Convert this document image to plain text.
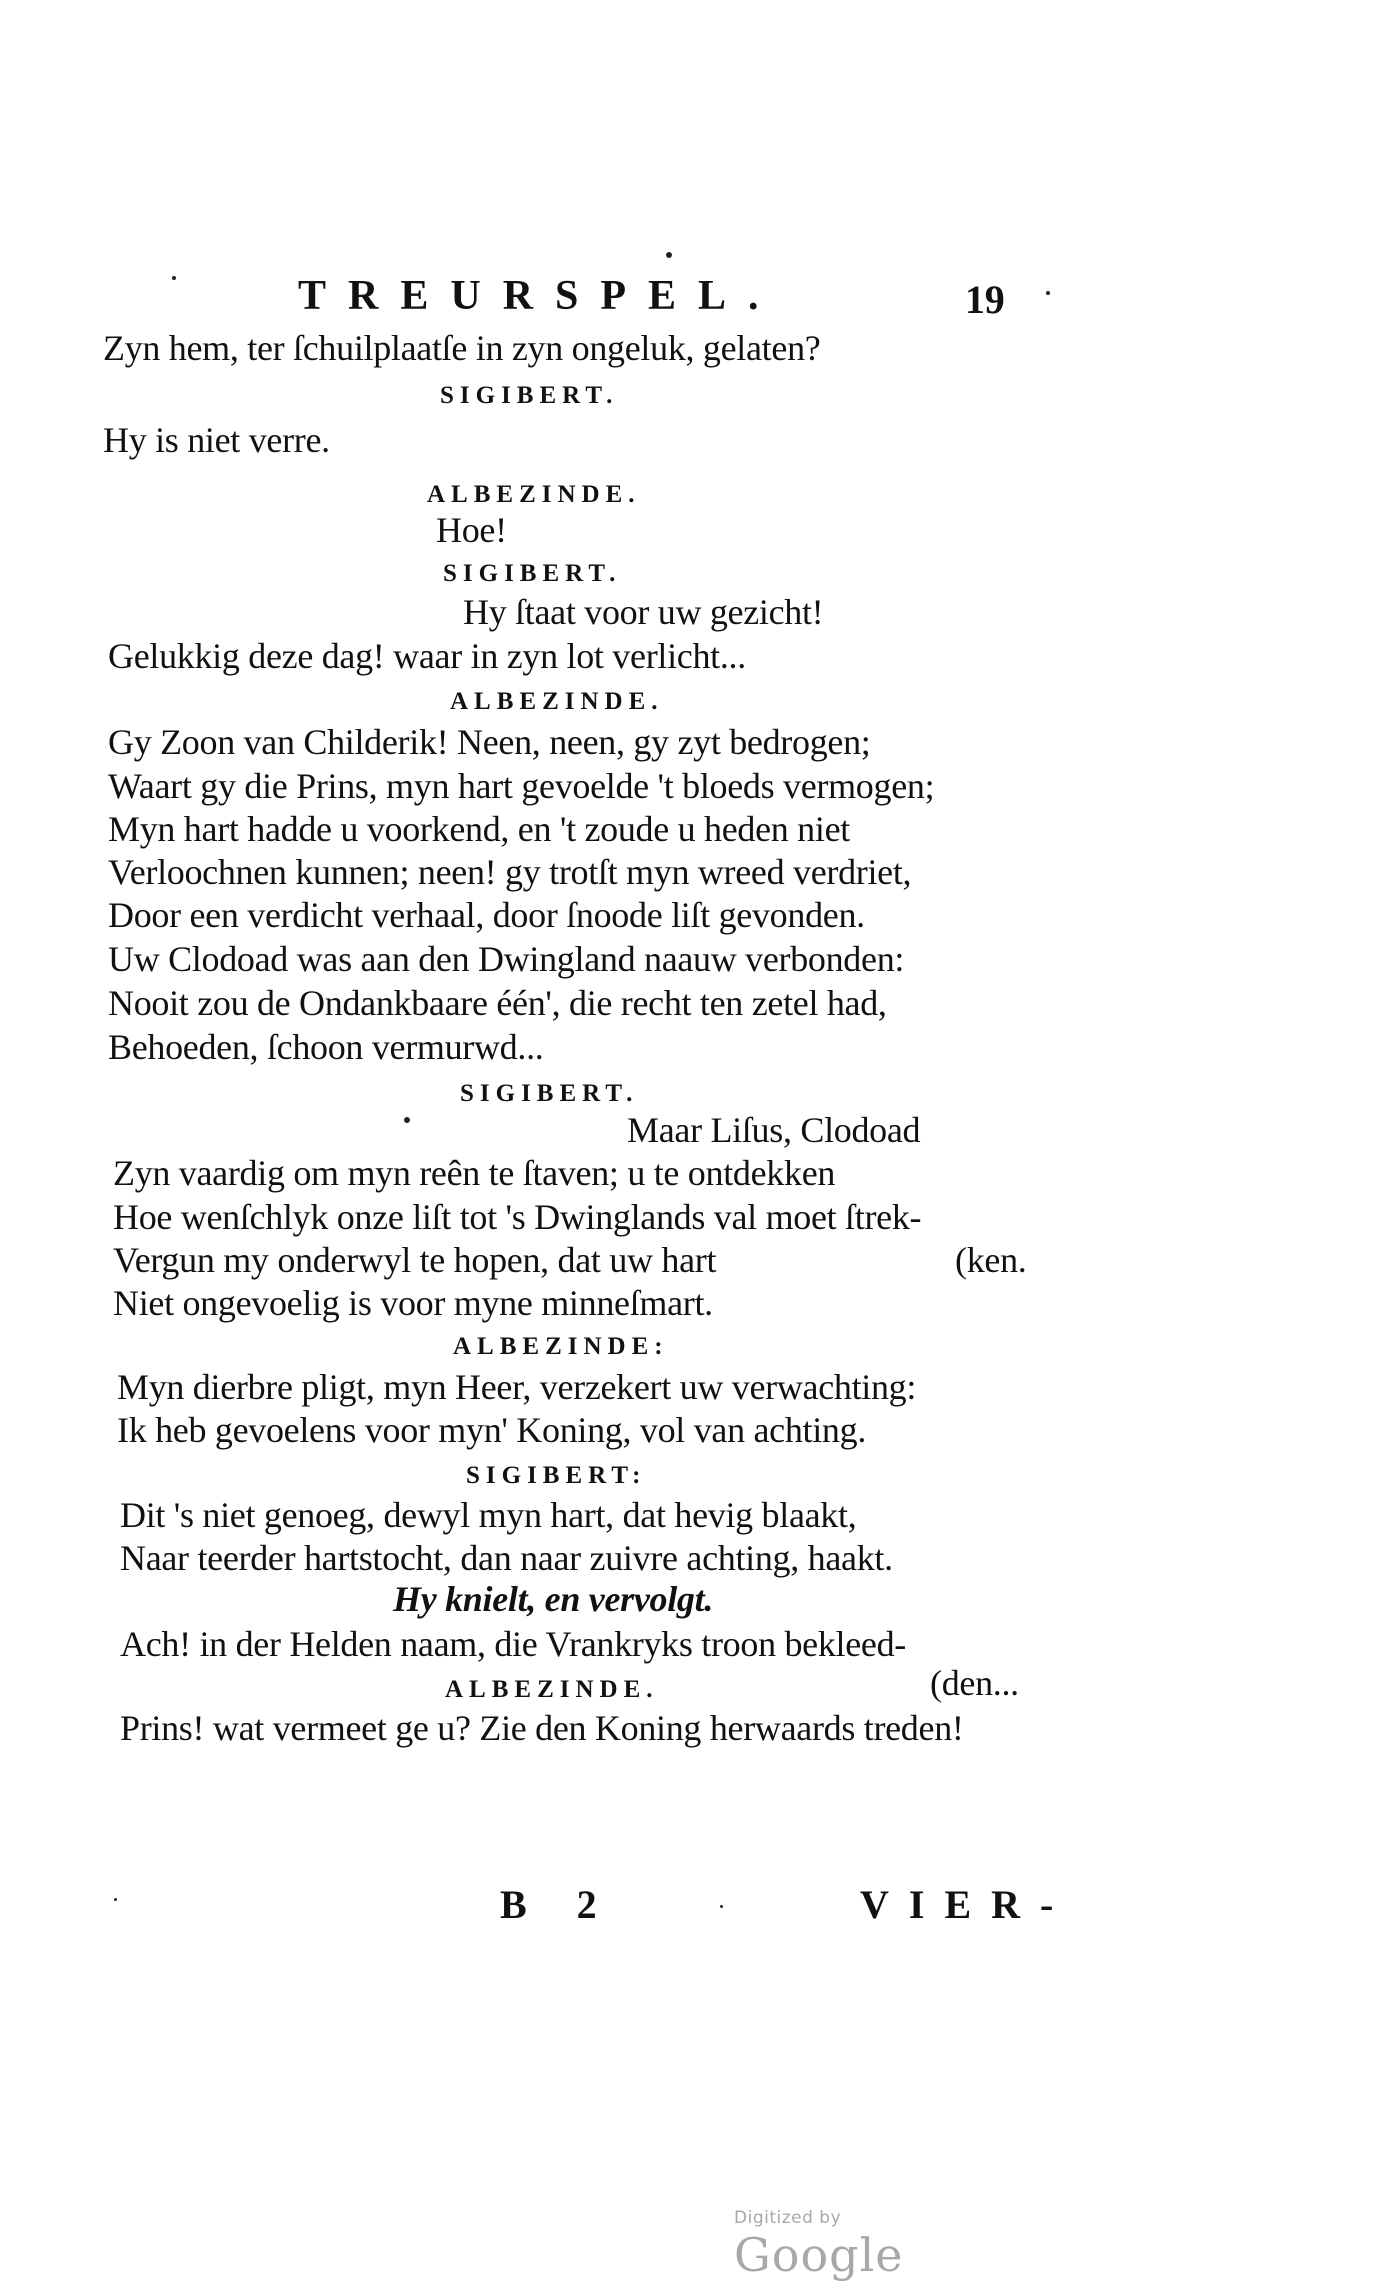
TREURSPEL.	19
Zyn hem, ter ſchuilplaatſe in zyn ongeluk, gelaten?
SIGIBERT.
Hy is niet verre.
ALBEZINDE.
Hoe!
SIGIBERT.
Hy ſtaat voor uw gezicht!
Gelukkig deze dag! waar in zyn lot verlicht...
ALBEZINDE.
Gy Zoon van Childerik! Neen, neen, gy zyt bedrogen;
Waart gy die Prins, myn hart gevoelde 't bloeds vermogen;
Myn hart hadde u voorkend, en 't zoude u heden niet
Verloochnen kunnen; neen! gy trotſt myn wreed verdriet,
Door een verdicht verhaal, door ſnoode liſt gevonden.
Uw Clodoad was aan den Dwingland naauw verbonden:
Nooit zou de Ondankbaare één', die recht ten zetel had,
Behoeden, ſchoon vermurwd...
SIGIBERT.
Maar Liſus, Clodoad
Zyn vaardig om myn reên te ſtaven; u te ontdekken
Hoe wenſchlyk onze liſt tot 's Dwinglands val moet ſtrek-
Vergun my onderwyl te hopen, dat uw hart	(ken.
Niet ongevoelig is voor myne minneſmart.
ALBEZINDE:
Myn dierbre pligt, myn Heer, verzekert uw verwachting:
Ik heb gevoelens voor myn' Koning, vol van achting.
SIGIBERT:
Dit 's niet genoeg, dewyl myn hart, dat hevig blaakt,
Naar teerder hartstocht, dan naar zuivre achting, haakt.
Hy knielt, en vervolgt.
Ach! in der Helden naam, die Vrankryks troon bekleed-
ALBEZINDE.	(den...
Prins! wat vermeet ge u? Zie den Koning herwaards treden!
B 2	VIER-

Digitized by
Google
